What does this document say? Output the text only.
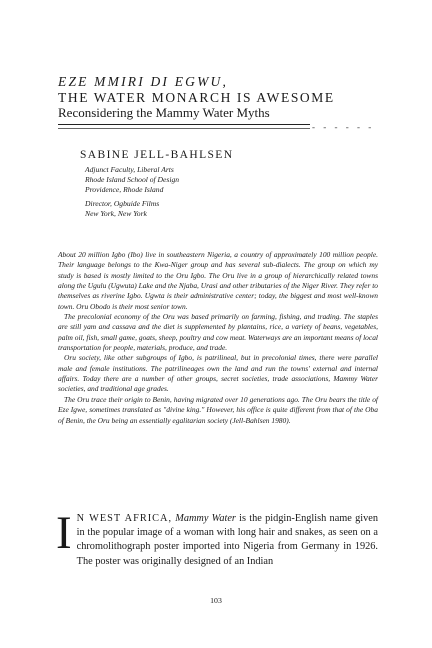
EZE MMIRI DI EGWU,
THE WATER MONARCH IS AWESOME
Reconsidering the Mammy Water Myths
- - - - - -
SABINE JELL-BAHLSEN
Adjunct Faculty, Liberal Arts
Rhode Island School of Design
Providence, Rhode Island
Director, Ogbuide Films
New York, New York

About 20 million Igbo (Ibo) live in southeastern Nigeria, a country of approximately 100 million people. Their language belongs to the Kwa-Niger group and has several sub-dialects. The group on which my study is based is mostly limited to the Oru Igbo. The Oru live in a group of hierarchically related towns along the Ugulu (Ugwuta) Lake and the Njaba, Urasi and other tributaries of the Niger River. They refer to themselves as riverine Igbo. Ugwta is their administrative center; today, the biggest and most well-known town. Oru Obodo is their most senior town.

The precolonial economy of the Oru was based primarily on farming, fishing, and trading. The staples are still yam and cassava and the diet is supplemented by plantains, rice, a variety of beans, vegetables, palm oil, fish, small game, goats, sheep, poultry and cow meat. Waterways are an important means of local transportation for people, materials, produce, and trade.

Oru society, like other subgroups of Igbo, is patrilineal, but in precolonial times, there were parallel male and female institutions. The patrilineages own the land and run the towns' external and internal affairs. Today there are a number of other groups, secret societies, trade associations, Mammy Water societies, and traditional age grades.

The Oru trace their origin to Benin, having migrated over 10 generations ago. The Oru bears the title of Eze Igwe, sometimes translated as "divine king." However, his office is quite different from that of the Oba of Benin, the Oru being an essentially egalitarian society (Jell-Bahlsen 1980).

I N WEST AFRICA, Mammy Water is the pidgin-English name given in the popular image of a woman with long hair and snakes, as seen on a chromolithograph poster imported into Nigeria from Germany in 1926. The poster was originally designed of an Indian
103
